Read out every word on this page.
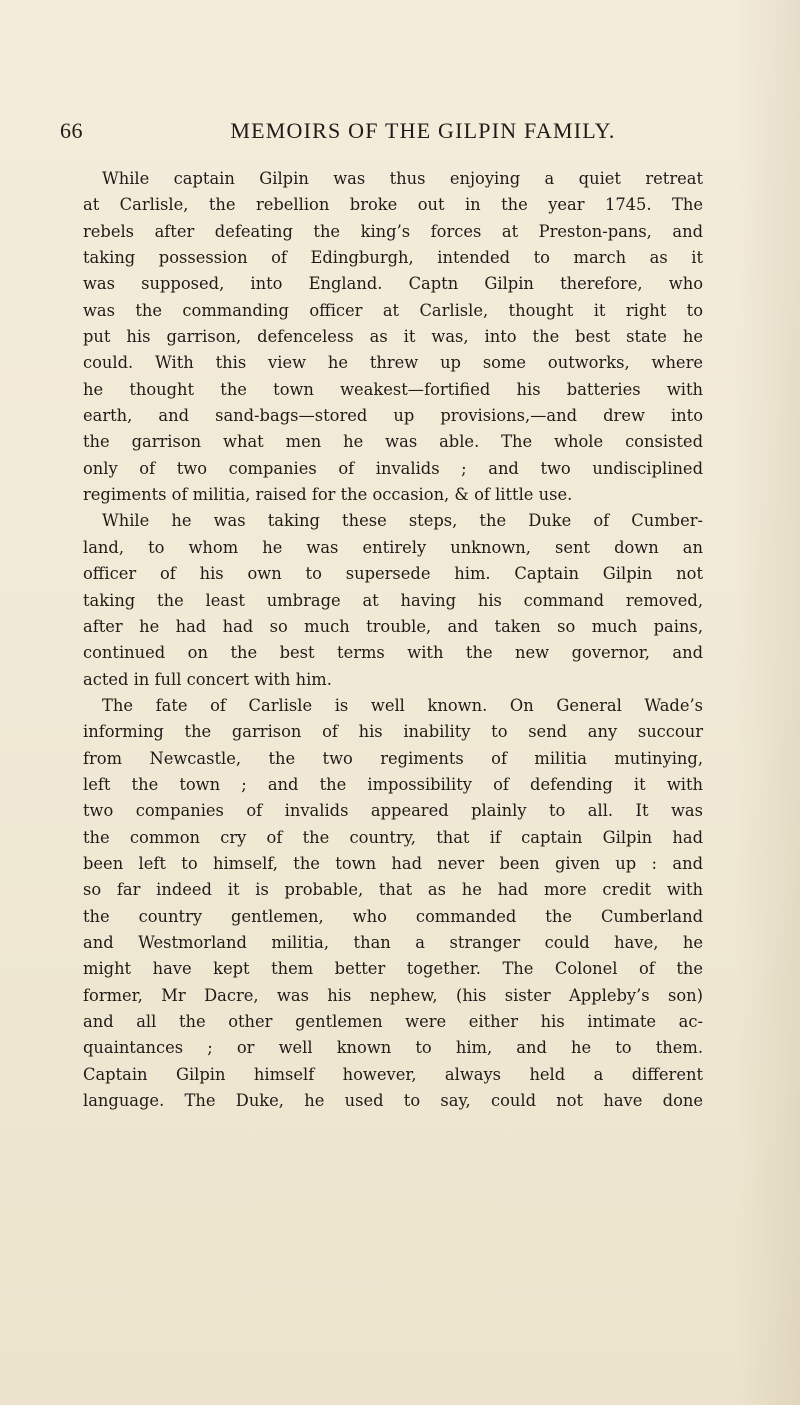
66	MEMOIRS OF THE GILPIN FAMILY.
While captain Gilpin was thus enjoying a quiet retreat
at Carlisle, the rebellion broke out in the year 1745. The
rebels after defeating the king’s forces at Preston-pans, and
taking possession of Edingburgh, intended to march as it
was supposed, into England. Captn Gilpin therefore, who
was the commanding officer at Carlisle, thought it right to
put his garrison, defenceless as it was, into the best state he
could. With this view he threw up some outworks, where
he thought the town weakest—fortified his batteries with
earth, and sand-bags—stored up provisions,—and drew into
the garrison what men he was able. The whole consisted
only of two companies of invalids ; and two undisciplined
regiments of militia, raised for the occasion, & of little use.
While he was taking these steps, the Duke of Cumber-
land, to whom he was entirely unknown, sent down an
officer of his own to supersede him. Captain Gilpin not
taking the least umbrage at having his command removed,
after he had had so much trouble, and taken so much pains,
continued on the best terms with the new governor, and
acted in full concert with him.
The fate of Carlisle is well known. On General Wade’s
informing the garrison of his inability to send any succour
from Newcastle, the two regiments of militia mutinying,
left the town ; and the impossibility of defending it with
two companies of invalids appeared plainly to all. It was
the common cry of the country, that if captain Gilpin had
been left to himself, the town had never been given up : and
so far indeed it is probable, that as he had more credit with
the country gentlemen, who commanded the Cumberland
and Westmorland militia, than a stranger could have, he
might have kept them better together. The Colonel of the
former, Mr Dacre, was his nephew, (his sister Appleby’s son)
and all the other gentlemen were either his intimate ac-
quaintances ; or well known to him, and he to them.
Captain Gilpin himself however, always held a different
language. The Duke, he used to say, could not have done
